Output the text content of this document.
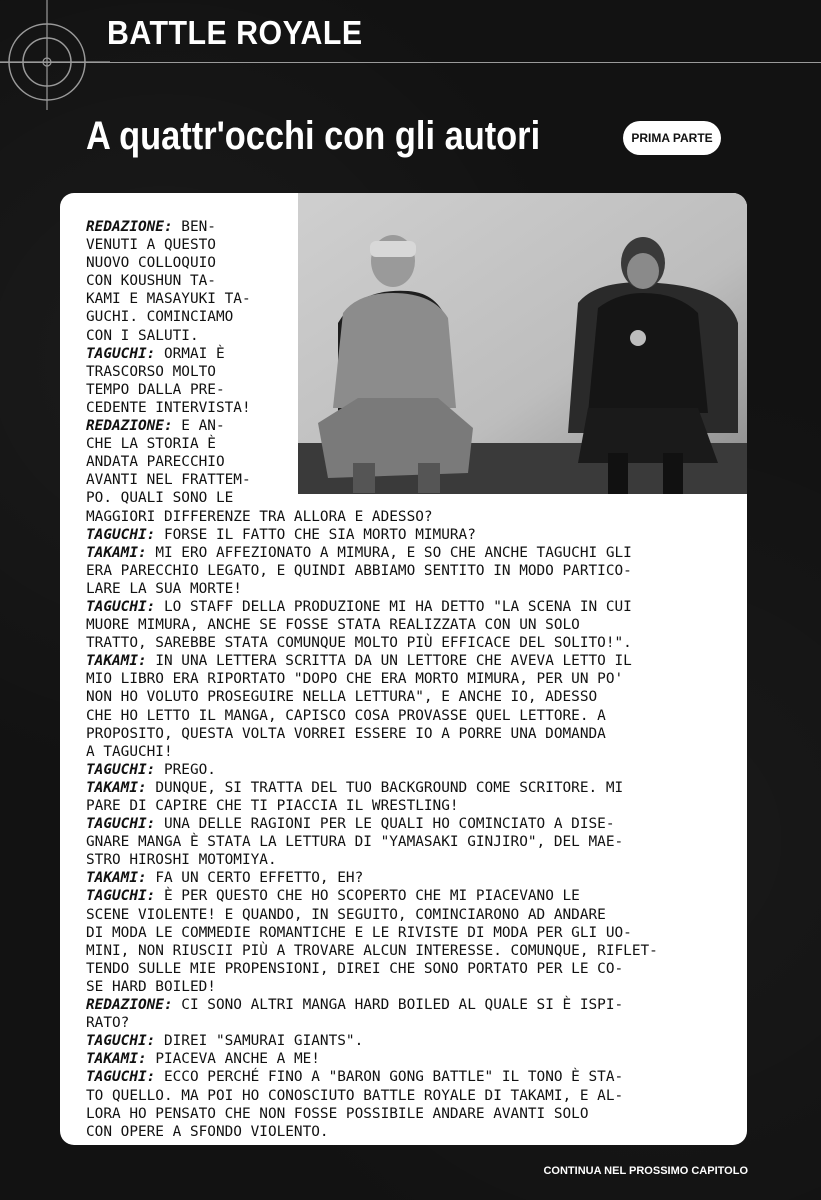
BATTLE ROYALE
A quattr'occhi con gli autori	PRIMA PARTE
REDAZIONE: BEN-
VENUTI A QUESTO
NUOVO COLLOQUIO
CON KOUSHUN TA-
KAMI E MASAYUKI TA-
GUCHI. COMINCIAMO
CON I SALUTI.
TAGUCHI: ORMAI È
TRASCORSO MOLTO
TEMPO DALLA PRE-
CEDENTE INTERVISTA!
REDAZIONE: E AN-
CHE LA STORIA È
ANDATA PARECCHIO
AVANTI NEL FRATTEM-
PO. QUALI SONO LE
MAGGIORI DIFFERENZE TRA ALLORA E ADESSO?
TAGUCHI: FORSE IL FATTO CHE SIA MORTO MIMURA?
TAKAMI: MI ERO AFFEZIONATO A MIMURA, E SO CHE ANCHE TAGUCHI GLI
ERA PARECCHIO LEGATO, E QUINDI ABBIAMO SENTITO IN MODO PARTICO-
LARE LA SUA MORTE!
TAGUCHI: LO STAFF DELLA PRODUZIONE MI HA DETTO "LA SCENA IN CUI
MUORE MIMURA, ANCHE SE FOSSE STATA REALIZZATA CON UN SOLO
TRATTO, SAREBBE STATA COMUNQUE MOLTO PIÙ EFFICACE DEL SOLITO!".
TAKAMI: IN UNA LETTERA SCRITTA DA UN LETTORE CHE AVEVA LETTO IL
MIO LIBRO ERA RIPORTATO "DOPO CHE ERA MORTO MIMURA, PER UN PO'
NON HO VOLUTO PROSEGUIRE NELLA LETTURA", E ANCHE IO, ADESSO
CHE HO LETTO IL MANGA, CAPISCO COSA PROVASSE QUEL LETTORE. A
PROPOSITO, QUESTA VOLTA VORREI ESSERE IO A PORRE UNA DOMANDA
A TAGUCHI!
TAGUCHI: PREGO.
TAKAMI: DUNQUE, SI TRATTA DEL TUO BACKGROUND COME SCRITORE. MI
PARE DI CAPIRE CHE TI PIACCIA IL WRESTLING!
TAGUCHI: UNA DELLE RAGIONI PER LE QUALI HO COMINCIATO A DISE-
GNARE MANGA È STATA LA LETTURA DI "YAMASAKI GINJIRO", DEL MAE-
STRO HIROSHI MOTOMIYA.
TAKAMI: FA UN CERTO EFFETTO, EH?
TAGUCHI: È PER QUESTO CHE HO SCOPERTO CHE MI PIACEVANO LE
SCENE VIOLENTE! E QUANDO, IN SEGUITO, COMINCIARONO AD ANDARE
DI MODA LE COMMEDIE ROMANTICHE E LE RIVISTE DI MODA PER GLI UO-
MINI, NON RIUSCII PIÙ A TROVARE ALCUN INTERESSE. COMUNQUE, RIFLET-
TENDO SULLE MIE PROPENSIONI, DIREI CHE SONO PORTATO PER LE CO-
SE HARD BOILED!
REDAZIONE: CI SONO ALTRI MANGA HARD BOILED AL QUALE SI È ISPI-
RATO?
TAGUCHI: DIREI "SAMURAI GIANTS".
TAKAMI: PIACEVA ANCHE A ME!
TAGUCHI: ECCO PERCHÉ FINO A "BARON GONG BATTLE" IL TONO È STA-
TO QUELLO. MA POI HO CONOSCIUTO BATTLE ROYALE DI TAKAMI, E AL-
LORA HO PENSATO CHE NON FOSSE POSSIBILE ANDARE AVANTI SOLO
CON OPERE A SFONDO VIOLENTO.
CONTINUA NEL PROSSIMO CAPITOLO
